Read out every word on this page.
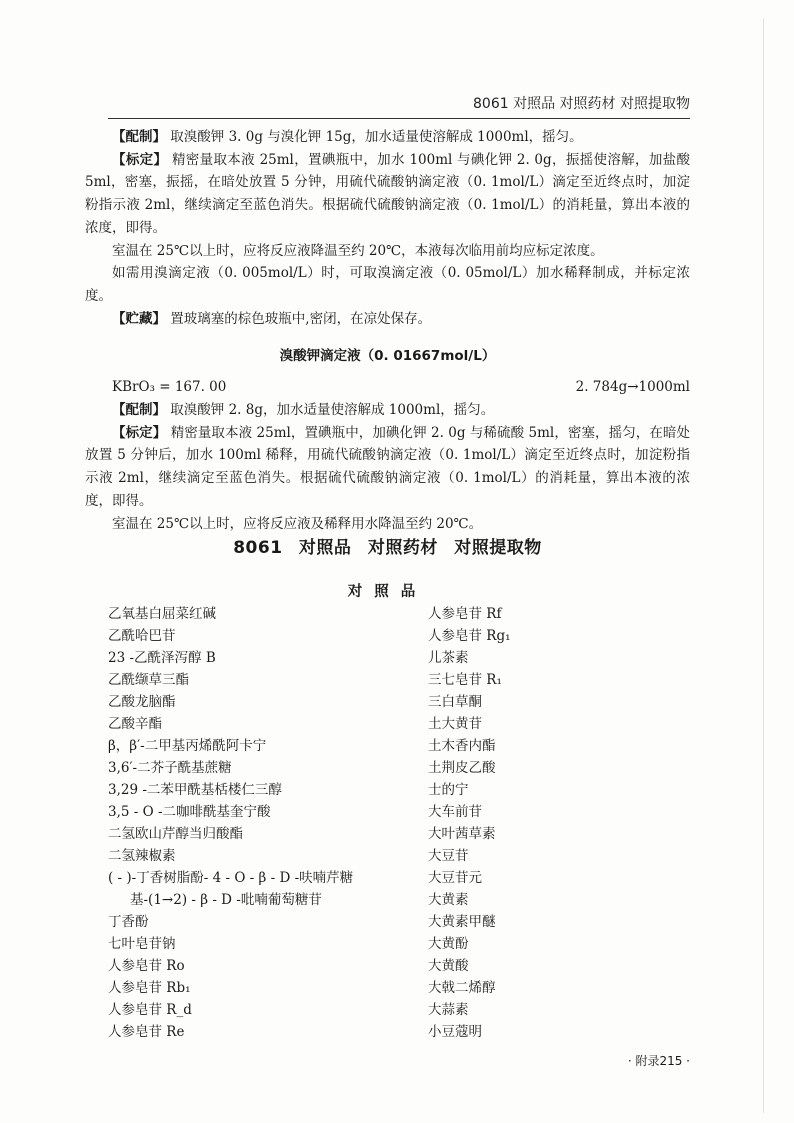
8061 对照品 对照药材 对照提取物

【配制】 取溴酸钾 3. 0g 与溴化钾 15g，加水适量使溶解成 1000ml，摇匀。

【标定】 精密量取本液 25ml，置碘瓶中，加水 100ml 与碘化钾 2. 0g，振摇使溶解，加盐酸 5ml，密塞，振摇，在暗处放置 5 分钟，用硫代硫酸钠滴定液（0. 1mol/L）滴定至近终点时，加淀粉指示液 2ml，继续滴定至蓝色消失。根据硫代硫酸钠滴定液（0. 1mol/L）的消耗量，算出本液的浓度，即得。

室温在 25℃以上时，应将反应液降温至约 20℃，本液每次临用前均应标定浓度。

如需用溴滴定液（0. 005mol/L）时，可取溴滴定液（0. 05mol/L）加水稀释制成，并标定浓度。

【贮藏】 置玻璃塞的棕色玻瓶中,密闭，在凉处保存。

溴酸钾滴定液（0. 01667mol/L）
KBrO₃ = 167. 00	2. 784g→1000ml

【配制】 取溴酸钾 2. 8g，加水适量使溶解成 1000ml，摇匀。

【标定】 精密量取本液 25ml，置碘瓶中，加碘化钾 2. 0g 与稀硫酸 5ml，密塞，摇匀，在暗处放置 5 分钟后，加水 100ml 稀释，用硫代硫酸钠滴定液（0. 1mol/L）滴定至近终点时，加淀粉指示液 2ml，继续滴定至蓝色消失。根据硫代硫酸钠滴定液（0. 1mol/L）的消耗量，算出本液的浓度，即得。

室温在 25℃以上时，应将反应液及稀释用水降温至约 20℃。

8061 对照品 对照药材 对照提取物
对照品
乙氧基白屈菜红碱
乙酰哈巴苷
23 -乙酰泽泻醇 B
乙酰缬草三酯
乙酸龙脑酯
乙酸辛酯
β，β′-二甲基丙烯酰阿卡宁
3,6′-二芥子酰基蔗糖
3,29 -二苯甲酰基栝楼仁三醇
3,5 - O -二咖啡酰基奎宁酸
二氢欧山芹醇当归酸酯
二氢辣椒素
( - )-丁香树脂酚- 4 - O - β - D -呋喃芹糖
基-(1→2) - β - D -吡喃葡萄糖苷
丁香酚
七叶皂苷钠
人参皂苷 Ro
人参皂苷 Rb₁
人参皂苷 R_d
人参皂苷 Re
人参皂苷 Rf
人参皂苷 Rg₁
儿茶素
三七皂苷 R₁
三白草酮
土大黄苷
土木香内酯
土荆皮乙酸
士的宁
大车前苷
大叶茜草素
大豆苷
大豆苷元
大黄素
大黄素甲醚
大黄酚
大黄酸
大戟二烯醇
大蒜素
小豆蔻明
· 附录215 ·
